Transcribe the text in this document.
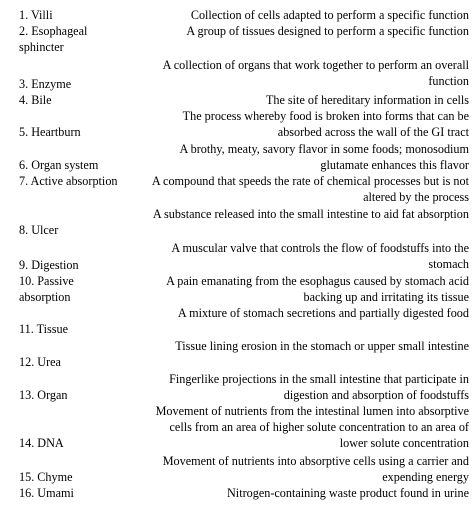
1. Villi
2. Esophageal sphincter
3. Enzyme
4. Bile
5. Heartburn
6. Organ system
7. Active absorption
8. Ulcer
9. Digestion
10. Passive absorption
11. Tissue
12. Urea
13. Organ
14. DNA
15. Chyme
16. Umami
Collection of cells adapted to perform a specific function
A group of tissues designed to perform a specific function
A collection of organs that work together to perform an overall function
The site of hereditary information in cells
The process whereby food is broken into forms that can be absorbed across the wall of the GI tract
A brothy, meaty, savory flavor in some foods; monosodium glutamate enhances this flavor
A compound that speeds the rate of chemical processes but is not altered by the process
A substance released into the small intestine to aid fat absorption
A muscular valve that controls the flow of foodstuffs into the stomach
A pain emanating from the esophagus caused by stomach acid backing up and irritating its tissue
A mixture of stomach secretions and partially digested food
Tissue lining erosion in the stomach or upper small intestine
Fingerlike projections in the small intestine that participate in digestion and absorption of foodstuffs
Movement of nutrients from the intestinal lumen into absorptive cells from an area of higher solute concentration to an area of lower solute concentration
Movement of nutrients into absorptive cells using a carrier and expending energy
Nitrogen-containing waste product found in urine
